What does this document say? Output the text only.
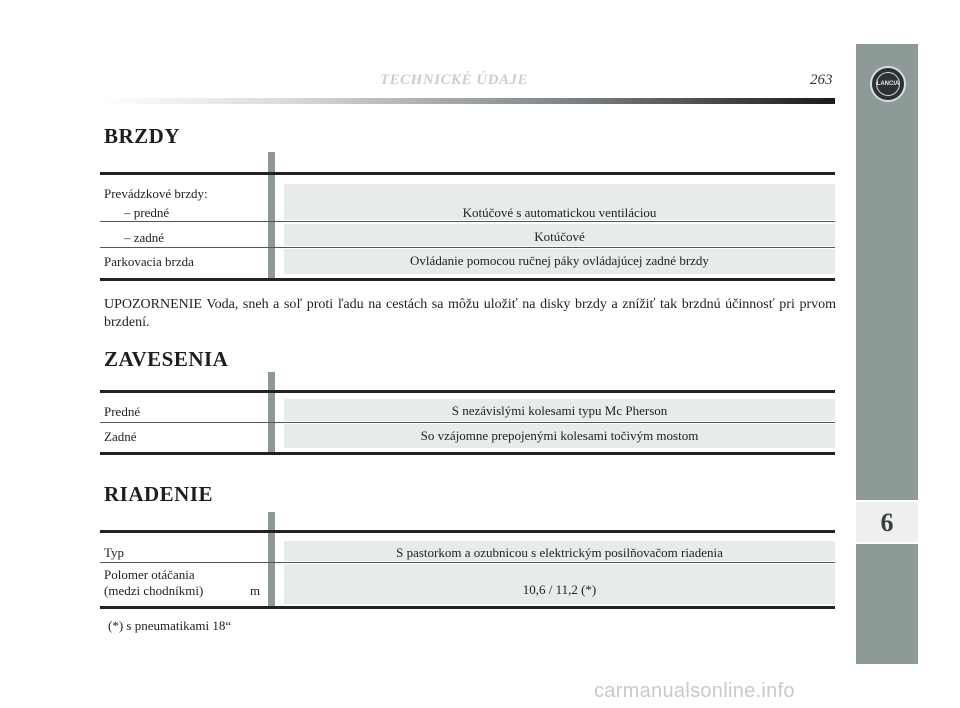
TECHNICKÉ ÚDAJE	263	LANCIA
6
BRZDY
Prevádzkové brzdy:
– predné	Kotúčové s automatickou ventiláciou
– zadné	Kotúčové
Parkovacia brzda	Ovládanie pomocou ručnej páky ovládajúcej zadné brzdy
UPOZORNENIE Voda, sneh a soľ proti ľadu na cestách sa môžu uložiť na disky brzdy a znížiť tak brzdnú účinnosť pri prvom brzdení.
ZAVESENIA
Predné	S nezávislými kolesami typu Mc Pherson
Zadné	So vzájomne prepojenými kolesami točivým mostom
RIADENIE
Typ	S pastorkom a ozubnicou s elektrickým posilňovačom riadenia
Polomer otáčania
(medzi chodníkmi)	m	10,6 / 11,2 (*)
(*) s pneumatikami 18“
carmanualsonline.info
